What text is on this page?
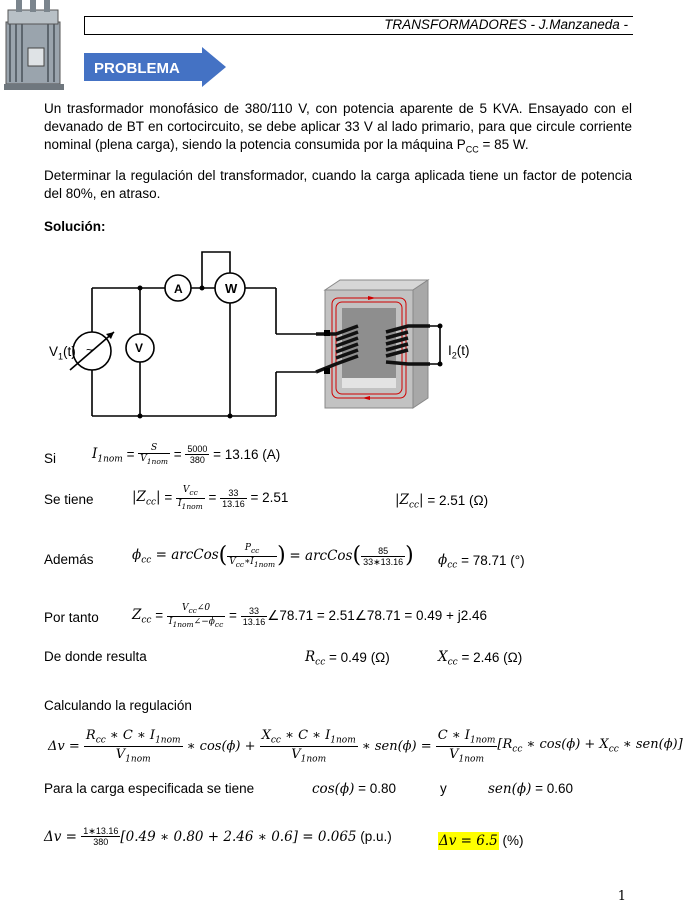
TRANSFORMADORES - J.Manzaneda -
PROBLEMA
Un trasformador monofásico de 380/110 V, con potencia aparente de 5 KVA. Ensayado con el devanado de BT en cortocircuito, se debe aplicar 33 V al lado primario, para que circule corriente nominal (plena carga), siendo la potencia consumida por la máquina $P_{CC} = 85$ W.
Determinar la regulación del transformador, cuando la carga aplicada tiene un factor de potencia del 80%, en atraso.
Solución:
A	W
V
~
$V_1(t)$	$I_2(t)$
Si	$I_{1nom} = \frac{S}{V_{1nom}} = \frac{5000}{380}$
= 13.16 (A)
Se tiene	$|Z_{cc}| = \frac{V_{cc}}{I_{1nom}} = \frac{33}{13.16}$
= 2.51	$|Z_{cc}|$
= 2.51 (Ω)
Además	$\phi_{cc}$ = arcCos ( $\frac{P_{cc}}{V_{cc}∗I_{1nom}}$ )
= arcCos ( $\frac{85}{33∗13.16}$ ) $\phi_{cc}$
= 78.71 (°)
Por tanto $Z_{cc} = \frac{V_{cc}\angle 0}{I_{1nom}\angle-\phi_{cc}} = \frac{33}{13.16}$ ∠78.71 = 2.51∠78.71 = 0.49 + j2.46
De donde resulta	$R_{cc}$
= 0.49 (Ω)	$X_{cc}$
= 2.46 (Ω)
Calculando la regulación
$\Delta v = \frac{R_{cc} ∗ C ∗ I_{1nom}}{V_{1nom}}$ ∗ $\cos(\phi) + \frac{X_{cc} ∗ C ∗ I_{1nom}}{V_{1nom}}$ ∗ $sen(\phi) = \frac{C ∗ I_{1nom}}{V_{1nom}} [R_{cc}$ ∗ $\cos(\phi) + X_{cc}$ ∗ sen(ϕ)]
Para la carga especificada se tiene	cos(ϕ)
= 0.80	y	sen(ϕ)
= 0.60
$\Delta v = \frac{1∗13.16}{380} [0.49$ ∗ 0.80 + 2.46 ∗ 0.6] = 0.065
(p.u.)	Δv = 6.5
(%)
1
